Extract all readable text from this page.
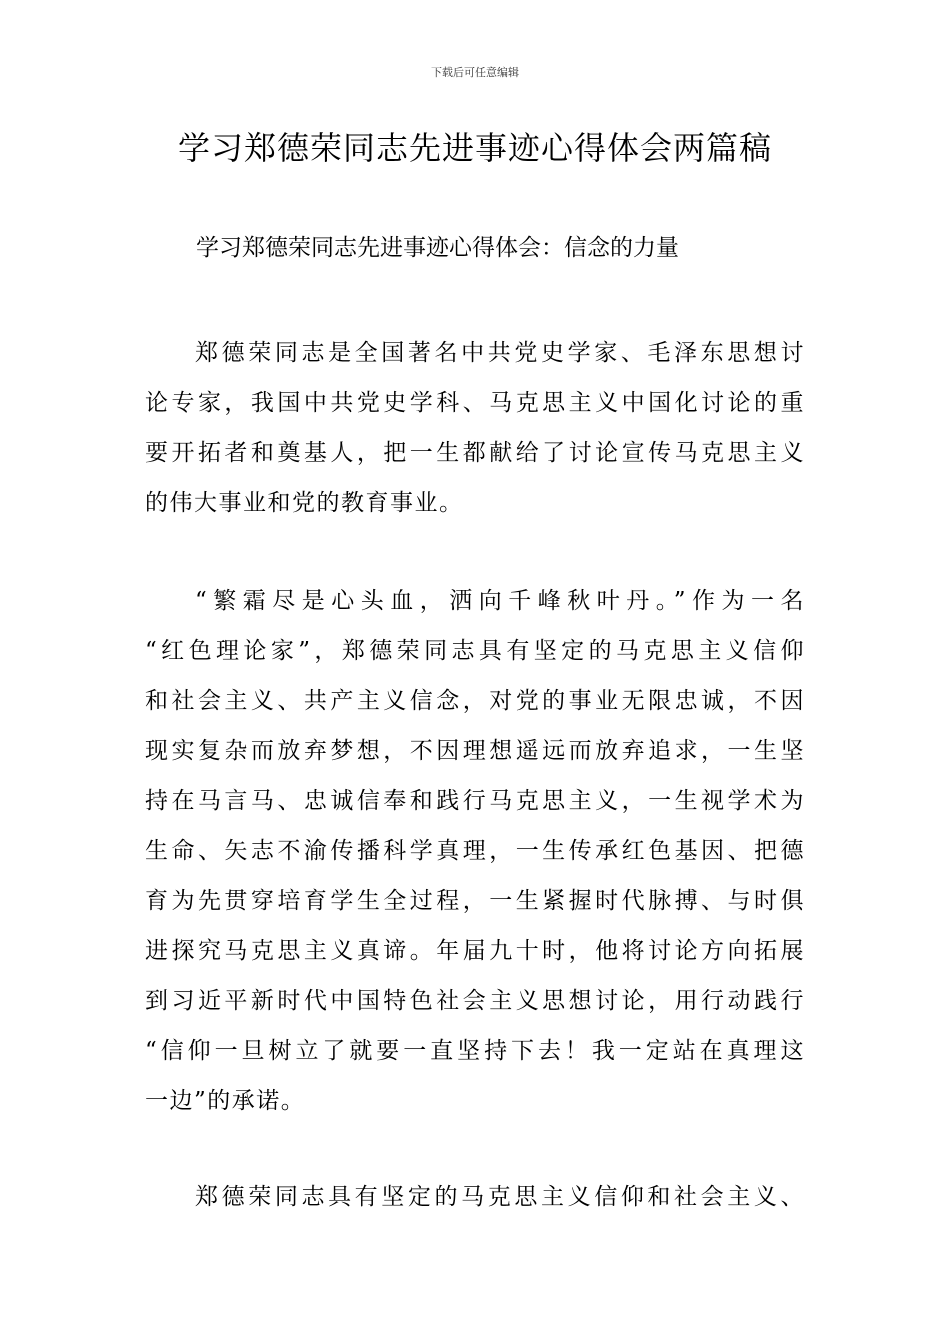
下载后可任意编辑
学习郑德荣同志先进事迹心得体会两篇稿
学习郑德荣同志先进事迹心得体会：信念的力量
郑德荣同志是全国著名中共党史学家、毛泽东思想讨
论专家，我国中共党史学科、马克思主义中国化讨论的重
要开拓者和奠基人，把一生都献给了讨论宣传马克思主义
的伟大事业和党的教育事业。
“繁霜尽是心头血，洒向千峰秋叶丹。”作为一名
“红色理论家”，郑德荣同志具有坚定的马克思主义信仰
和社会主义、共产主义信念，对党的事业无限忠诚，不因
现实复杂而放弃梦想，不因理想遥远而放弃追求，一生坚
持在马言马、忠诚信奉和践行马克思主义，一生视学术为
生命、矢志不渝传播科学真理，一生传承红色基因、把德
育为先贯穿培育学生全过程，一生紧握时代脉搏、与时俱
进探究马克思主义真谛。年届九十时，他将讨论方向拓展
到习近平新时代中国特色社会主义思想讨论，用行动践行
“信仰一旦树立了就要一直坚持下去！我一定站在真理这
一边”的承诺。
郑德荣同志具有坚定的马克思主义信仰和社会主义、
